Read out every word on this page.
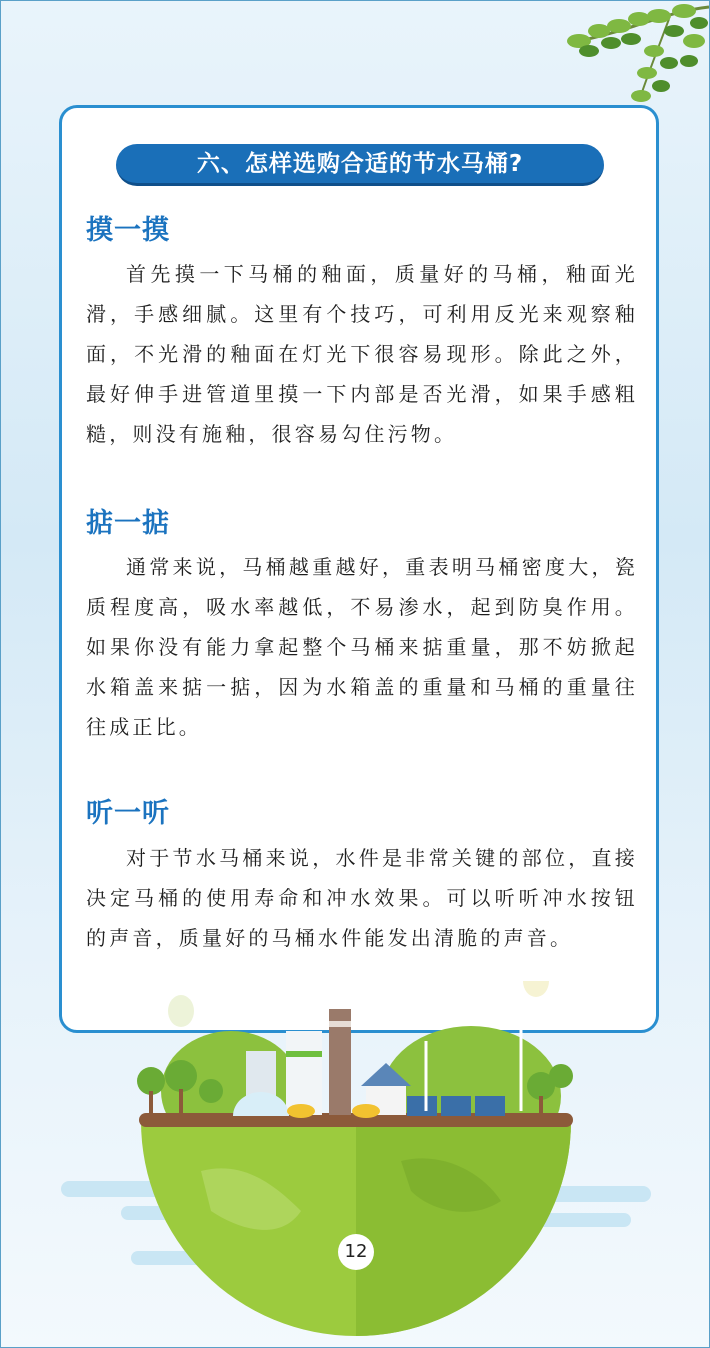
六、怎样选购合适的节水马桶?
摸一摸

首先摸一下马桶的釉面，质量好的马桶，釉面光滑，手感细腻。这里有个技巧，可利用反光来观察釉面，不光滑的釉面在灯光下很容易现形。除此之外，最好伸手进管道里摸一下内部是否光滑，如果手感粗糙，则没有施釉，很容易勾住污物。

掂一掂

通常来说，马桶越重越好，重表明马桶密度大，瓷质程度高，吸水率越低，不易渗水，起到防臭作用。如果你没有能力拿起整个马桶来掂重量，那不妨掀起水箱盖来掂一掂，因为水箱盖的重量和马桶的重量往往成正比。

听一听

对于节水马桶来说，水件是非常关键的部位，直接决定马桶的使用寿命和冲水效果。可以听听冲水按钮的声音，质量好的马桶水件能发出清脆的声音。

12
